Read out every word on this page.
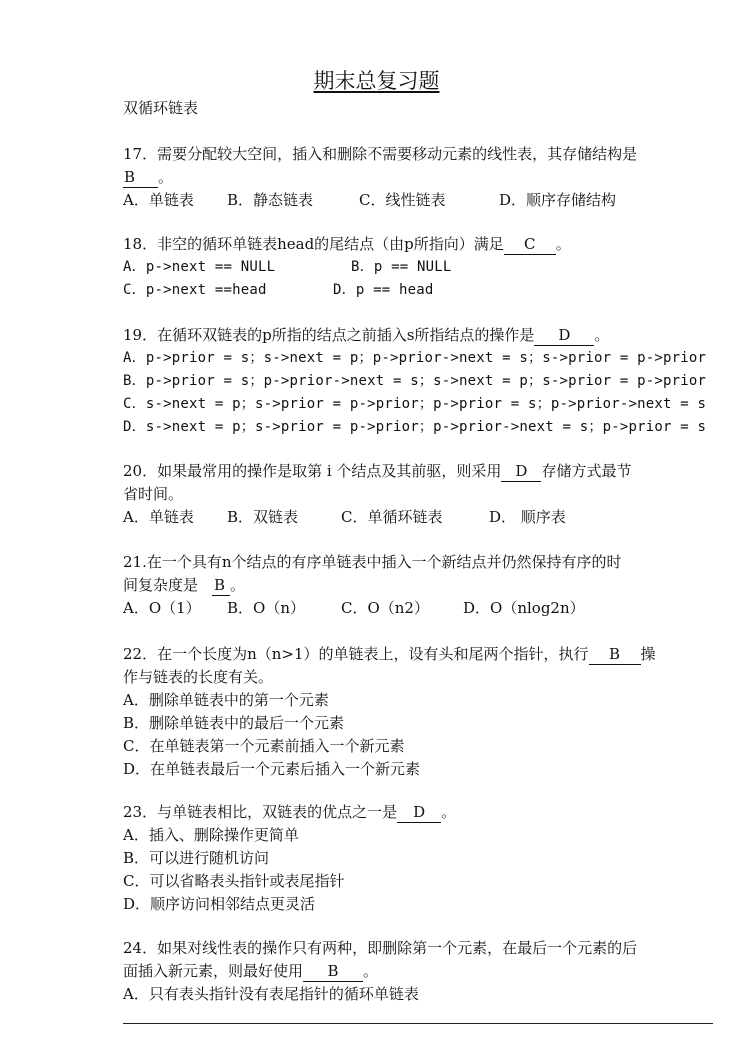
期末总复习题
双循环链表
17．需要分配较大空间，插入和删除不需要移动元素的线性表，其存储结构是
B 。
A．单链表 B．静态链表	C．线性链表	D．顺序存储结构
18．非空的循环单链表head的尾结点（由p所指向）满足 C 。
A．p->next == NULL	B．p == NULL
C．p->next ==head	D．p == head
19．在循环双链表的p所指的结点之前插入s所指结点的操作是 D 。
A．p->prior = s；s->next = p；p->prior->next = s；s->prior = p->prior
B．p->prior = s；p->prior->next = s；s->next = p；s->prior = p->prior
C．s->next = p；s->prior = p->prior；p->prior = s；p->prior->next = s
D．s->next = p；s->prior = p->prior；p->prior->next = s；p->prior = s
20．如果最常用的操作是取第 i 个结点及其前驱，则采用 D 存储方式最节
省时间。
A．单链表 B．双链表	C．单循环链表	D． 顺序表
21.在一个具有n个结点的有序单链表中插入一个新结点并仍然保持有序的时
间复杂度是 B 。
A．O（1） B．O（n） C．O（n2） D．O（nlog2n）
22．在一个长度为n（n>1）的单链表上，设有头和尾两个指针，执行 B 操
作与链表的长度有关。
A．删除单链表中的第一个元素
B．删除单链表中的最后一个元素
C．在单链表第一个元素前插入一个新元素
D．在单链表最后一个元素后插入一个新元素
23．与单链表相比，双链表的优点之一是 D 。
A．插入、删除操作更简单
B．可以进行随机访问
C．可以省略表头指针或表尾指针
D．顺序访问相邻结点更灵活
24．如果对线性表的操作只有两种，即删除第一个元素，在最后一个元素的后
面插入新元素，则最好使用 B 。
A．只有表头指针没有表尾指针的循环单链表
